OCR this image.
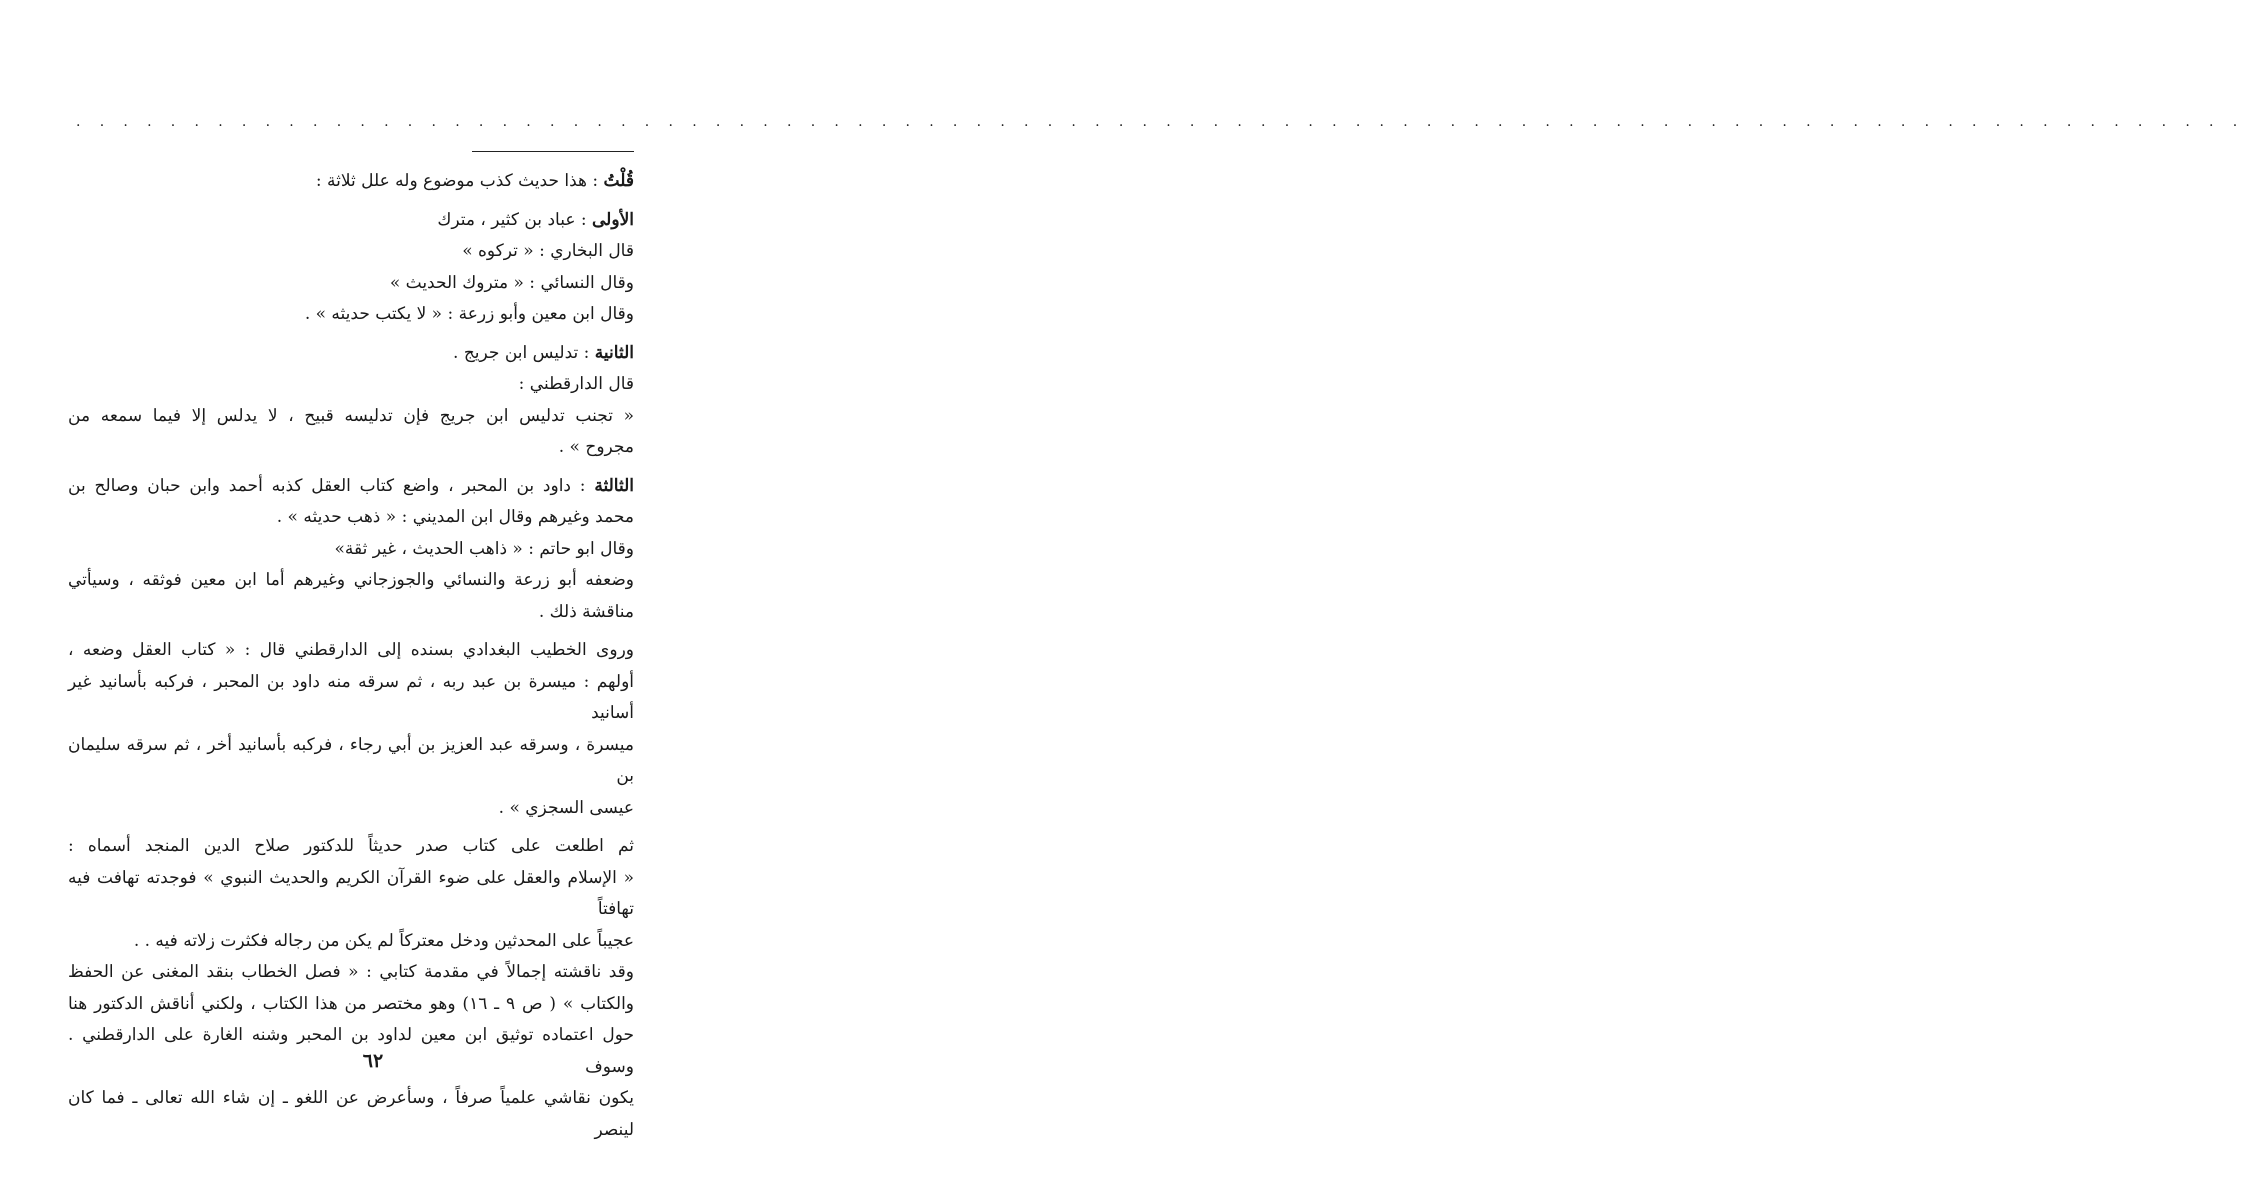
. . . . . . . . . . . . . . . . . . . . . . . . . . . . . . . . . . . . . . . . . . . . . . . . . . . . . . . . . . . . . . . . . . . . . . . . . . . . . . . . . . . . . . . . . . . .

قُلْتُ : هذا حديث كذب موضوع وله علل ثلاثة :

الأولى : عباد بن كثير ، مترك

قال البخاري : « تركوه »

وقال النسائي : « متروك الحديث »

وقال ابن معين وأبو زرعة : « لا يكتب حديثه » .

الثانية : تدليس ابن جريج .

قال الدارقطني :

« تجنب تدليس ابن جريج فإن تدليسه قبيح ، لا يدلس إلا فيما سمعه من

مجروح » .

الثالثة : داود بن المحبر ، واضع كتاب العقل كذبه أحمد وابن حبان وصالح بن

محمد وغيرهم وقال ابن المديني : « ذهب حديثه » .

وقال ابو حاتم : « ذاهب الحديث ، غير ثقة»

وضعفه أبو زرعة والنسائي والجوزجاني وغيرهم أما ابن معين فوثقه ، وسيأتي

مناقشة ذلك .

وروى الخطيب البغدادي بسنده إلى الدارقطني قال : « كتاب العقل وضعه ،

أولهم : ميسرة بن عبد ربه ، ثم سرقه منه داود بن المحبر ، فركبه بأسانيد غير أسانيد

ميسرة ، وسرقه عبد العزيز بن أبي رجاء ، فركبه بأسانيد أخر ، ثم سرقه سليمان بن

عيسى السجزي » .

ثم اطلعت على كتاب صدر حديثاً للدكتور صلاح الدين المنجد أسماه :

« الإسلام والعقل على ضوء القرآن الكريم والحديث النبوي » فوجدته تهافت فيه تهافتاً

عجيباً على المحدثين ودخل معتركاً لم يكن من رجاله فكثرت زلاته فيه . .

وقد ناقشته إجمالاً في مقدمة كتابي : « فصل الخطاب بنقد المغنى عن الحفظ

والكتاب » ( ص ٩ ـ ١٦) وهو مختصر من هذا الكتاب ، ولكني أناقش الدكتور هنا

حول اعتماده توثيق ابن معين لداود بن المحبر وشنه الغارة على الدارقطني . وسوف

يكون نقاشي علمياً صرفاً ، وسأعرض عن اللغو ـ إن شاء الله تعالى ـ فما كان لينصر

٦٢
